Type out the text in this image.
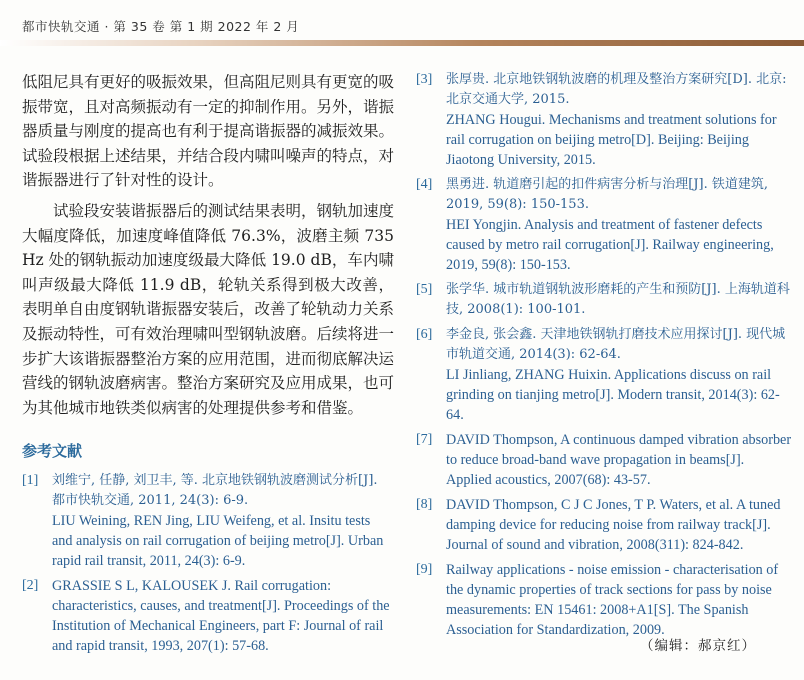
都市快轨交通 · 第 35 卷 第 1 期 2022 年 2 月

低阻尼具有更好的吸振效果，但高阻尼则具有更宽的吸振带宽，且对高频振动有一定的抑制作用。另外，谐振器质量与刚度的提高也有利于提高谐振器的减振效果。试验段根据上述结果，并结合段内啸叫噪声的特点，对谐振器进行了针对性的设计。

试验段安装谐振器后的测试结果表明，钢轨加速度大幅度降低，加速度峰值降低 76.3%，波磨主频 735 Hz 处的钢轨振动加速度级最大降低 19.0 dB，车内啸叫声级最大降低 11.9 dB，轮轨关系得到极大改善，表明单自由度钢轨谐振器安装后，改善了轮轨动力关系及振动特性，可有效治理啸叫型钢轨波磨。后续将进一步扩大该谐振器整治方案的应用范围，进而彻底解决运营线的钢轨波磨病害。整治方案研究及应用成果，也可为其他城市地铁类似病害的处理提供参考和借鉴。

参考文献
[1]	刘维宁, 任静, 刘卫丰, 等. 北京地铁钢轨波磨测试分析[J]. 都市快轨交通, 2011, 24(3): 6-9.
LIU Weining, REN Jing, LIU Weifeng, et al. Insitu tests and analysis on rail corrugation of beijing metro[J]. Urban rapid rail transit, 2011, 24(3): 6-9.
[2] GRASSIE S L, KALOUSEK J. Rail corrugation: characteristics, causes, and treatment[J]. Proceedings of the Institution of Mechanical Engineers, part F: Journal of rail and rapid transit, 1993, 207(1): 57-68.
[3]	张厚贵. 北京地铁钢轨波磨的机理及整治方案研究[D]. 北京: 北京交通大学, 2015.
ZHANG Hougui. Mechanisms and treatment solutions for rail corrugation on beijing metro[D]. Beijing: Beijing Jiaotong University, 2015.
[4]	黑勇进. 轨道磨引起的扣件病害分析与治理[J]. 铁道建筑, 2019, 59(8): 150-153.
HEI Yongjin. Analysis and treatment of fastener defects caused by metro rail corrugation[J]. Railway engineering, 2019, 59(8): 150-153.
[5]	张学华. 城市轨道钢轨波形磨耗的产生和预防[J]. 上海轨道科技, 2008(1): 100-101.
[6]	李金良, 张会鑫. 天津地铁钢轨打磨技术应用探讨[J]. 现代城市轨道交通, 2014(3): 62-64.
LI Jinliang, ZHANG Huixin. Applications discuss on rail grinding on tianjing metro[J]. Modern transit, 2014(3): 62-64.
[7] DAVID Thompson, A continuous damped vibration absorber to reduce broad-band wave propagation in beams[J]. Applied acoustics, 2007(68): 43-57.
[8] DAVID Thompson, C J C Jones, T P. Waters, et al. A tuned damping device for reducing noise from railway track[J]. Journal of sound and vibration, 2008(311): 824-842.
[9] Railway applications - noise emission - characterisation of the dynamic properties of track sections for pass by noise measurements: EN 15461: 2008+A1[S]. The Spanish Association for Standardization, 2009.
（编辑：郝京红）
